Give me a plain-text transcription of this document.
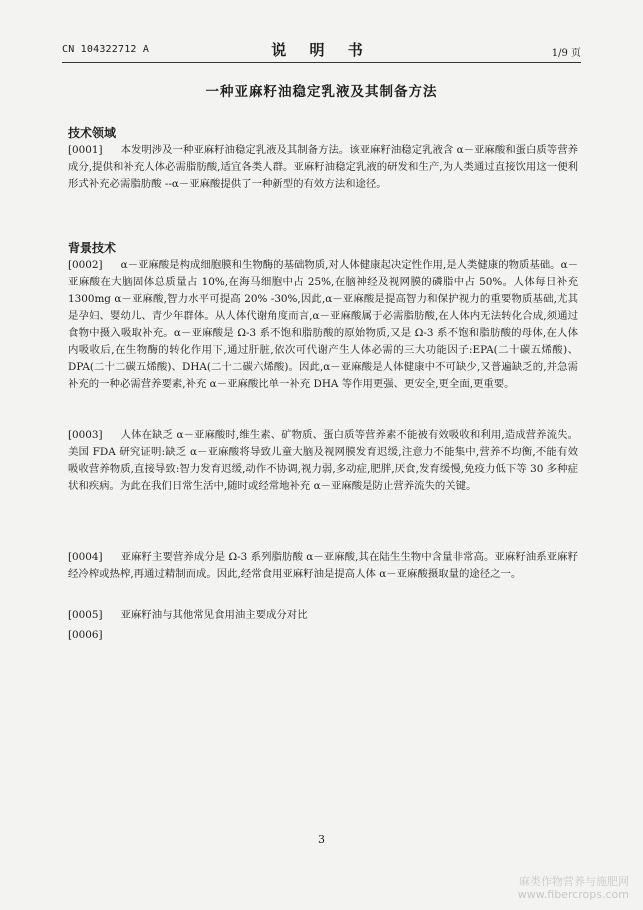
CN 104322712 A	说 明 书	1/9 页
一种亚麻籽油稳定乳液及其制备方法
技术领域

[0001] 本发明涉及一种亚麻籽油稳定乳液及其制备方法。该亚麻籽油稳定乳液含 α－亚麻酸和蛋白质等营养成分,提供和补充人体必需脂肪酸,适宜各类人群。亚麻籽油稳定乳液的研发和生产,为人类通过直接饮用这一便利形式补充必需脂肪酸 --α－亚麻酸提供了一种新型的有效方法和途径。

背景技术

[0002] α－亚麻酸是构成细胞膜和生物酶的基础物质,对人体健康起决定性作用,是人类健康的物质基础。α－亚麻酸在大脑固体总质量占 10%,在海马细胞中占 25%,在脑神经及视网膜的磷脂中占 50%。人体每日补充 1300mg α－亚麻酸,智力水平可提高 20% -30%,因此,α－亚麻酸是提高智力和保护视力的重要物质基础,尤其是孕妇、婴幼儿、青少年群体。从人体代谢角度而言,α－亚麻酸属于必需脂肪酸,在人体内无法转化合成,须通过食物中摄入吸取补充。α－亚麻酸是 Ω-3 系不饱和脂肪酸的原始物质,又是 Ω-3 系不饱和脂肪酸的母体,在人体内吸收后,在生物酶的转化作用下,通过肝脏,依次可代谢产生人体必需的三大功能因子:EPA(二十碳五烯酸)、DPA(二十二碳五烯酸)、DHA(二十二碳六烯酸)。因此,α－亚麻酸是人体健康中不可缺少,又普遍缺乏的,并急需补充的一种必需营养要素,补充 α－亚麻酸比单一补充 DHA 等作用更强、更安全,更全面,更重要。

[0003] 人体在缺乏 α－亚麻酸时,维生素、矿物质、蛋白质等营养素不能被有效吸收和利用,造成营养流失。美国 FDA 研究证明:缺乏 α－亚麻酸将导致儿童大脑及视网膜发育迟缓,注意力不能集中,营养不均衡,不能有效吸收营养物质,直接导致:智力发育迟缓,动作不协调,视力弱,多动症,肥胖,厌食,发育缓慢,免疫力低下等 30 多种症状和疾病。为此在我们日常生活中,随时或经常地补充 α－亚麻酸是防止营养流失的关键。

[0004] 亚麻籽主要营养成分是 Ω-3 系列脂肪酸 α－亚麻酸,其在陆生生物中含量非常高。亚麻籽油系亚麻籽经冷榨或热榨,再通过精制而成。因此,经常食用亚麻籽油是提高人体 α－亚麻酸摄取量的途径之一。

[0005] 亚麻籽油与其他常见食用油主要成分对比

[0006]

3
麻类作物营养与施肥网
www.fibercrops.com
